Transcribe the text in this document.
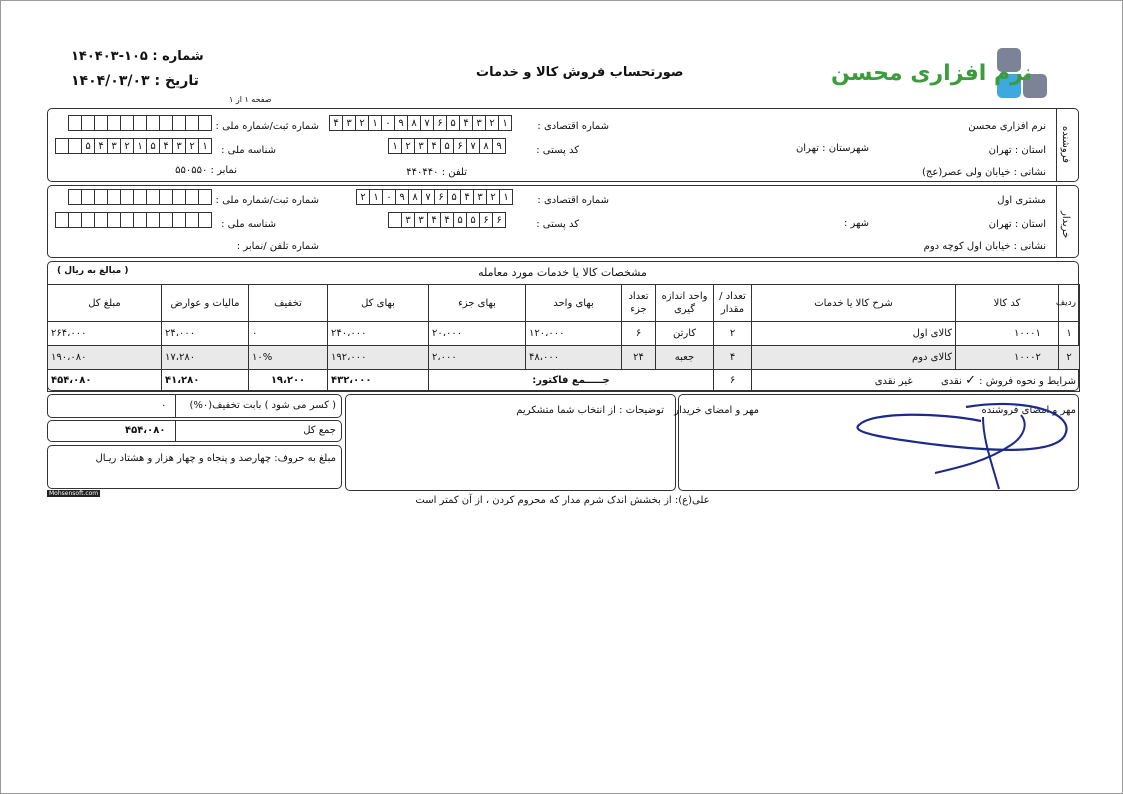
شماره : ۱۰۵-۱۴۰۴۰۳
تاریخ : ۱۴۰۴/۰۳/۰۳
صفحه ۱ از ۱
صورتحساب فروش کالا و خدمات	نرم افزاری محسن
فروشنده
نرم افزاری محسن
شماره اقتصادی :
۱
۲
۳
۴
۵
۶
۷
۸
۹
۰
۱
۲
۳
۴
شماره ثبت/شماره ملی :
استان : تهران
شهرستان : تهران
کد پستی :
۹
۸
۷
۶
۵
۴
۳
۲
۱
شناسه ملی :
۱
۲
۳
۴
۵
۱
۲
۳
۴
۵
نشانی : خیابان ولی عصر(عج)
تلفن : ۴۴۰۴۴۰
نمابر : ۵۵۰۵۵۰
خریدار
مشتری اول
شماره اقتصادی :
۱
۲
۳
۴
۵
۶
۷
۸
۹
۰
۱
۲
شماره ثبت/شماره ملی :
استان : تهران
شهر :
کد پستی :
۶
۶
۵
۵
۴
۴
۳
۳
شناسه ملی :
نشانی : خیابان اول کوچه دوم
شماره تلفن /نمابر :
مشخصات کالا یا خدمات مورد معامله
( مبالغ به ریال )
ردیف	کد کالا	شرح کالا یا خدمات	تعداد / مقدار	واحد اندازه گیری	تعداد جزء	بهای واحد	بهای جزء	بهای کل	تخفیف	مالیات و عوارض	مبلغ کل
۱	۱۰۰۰۱	کالای اول	۲	کارتن	۶	۱۲۰،۰۰۰	۲۰،۰۰۰	۲۴۰،۰۰۰	۰	۲۴،۰۰۰	۲۶۴،۰۰۰
۲	۱۰۰۰۲	کالای دوم	۴	جعبه	۲۴	۴۸،۰۰۰	۲،۰۰۰	۱۹۲،۰۰۰	۱۰%	۱۷،۲۸۰	۱۹۰،۰۸۰
شرایط و نحوه فروش : ✓ نقدی  غیر نقدی			۶	جـــــمع فاکتور:				۴۳۲،۰۰۰	۱۹،۲۰۰	۴۱،۲۸۰	۴۵۴،۰۸۰
( کسر می شود ) بابت تخفیف(۰%)
۰
جمع کل
۴۵۴،۰۸۰
مبلغ به حروف: چهارصد و پنجاه و چهار هزار و هشتاد ریـال
Mohsensoft.com
توضیحات : از انتخاب شما متشکریم مهر و امضای خریدار	مهر و امضای فروشنده
علی(ع): از بخشش اندک شرم مدار که محروم کردن ، از آن کمتر است
